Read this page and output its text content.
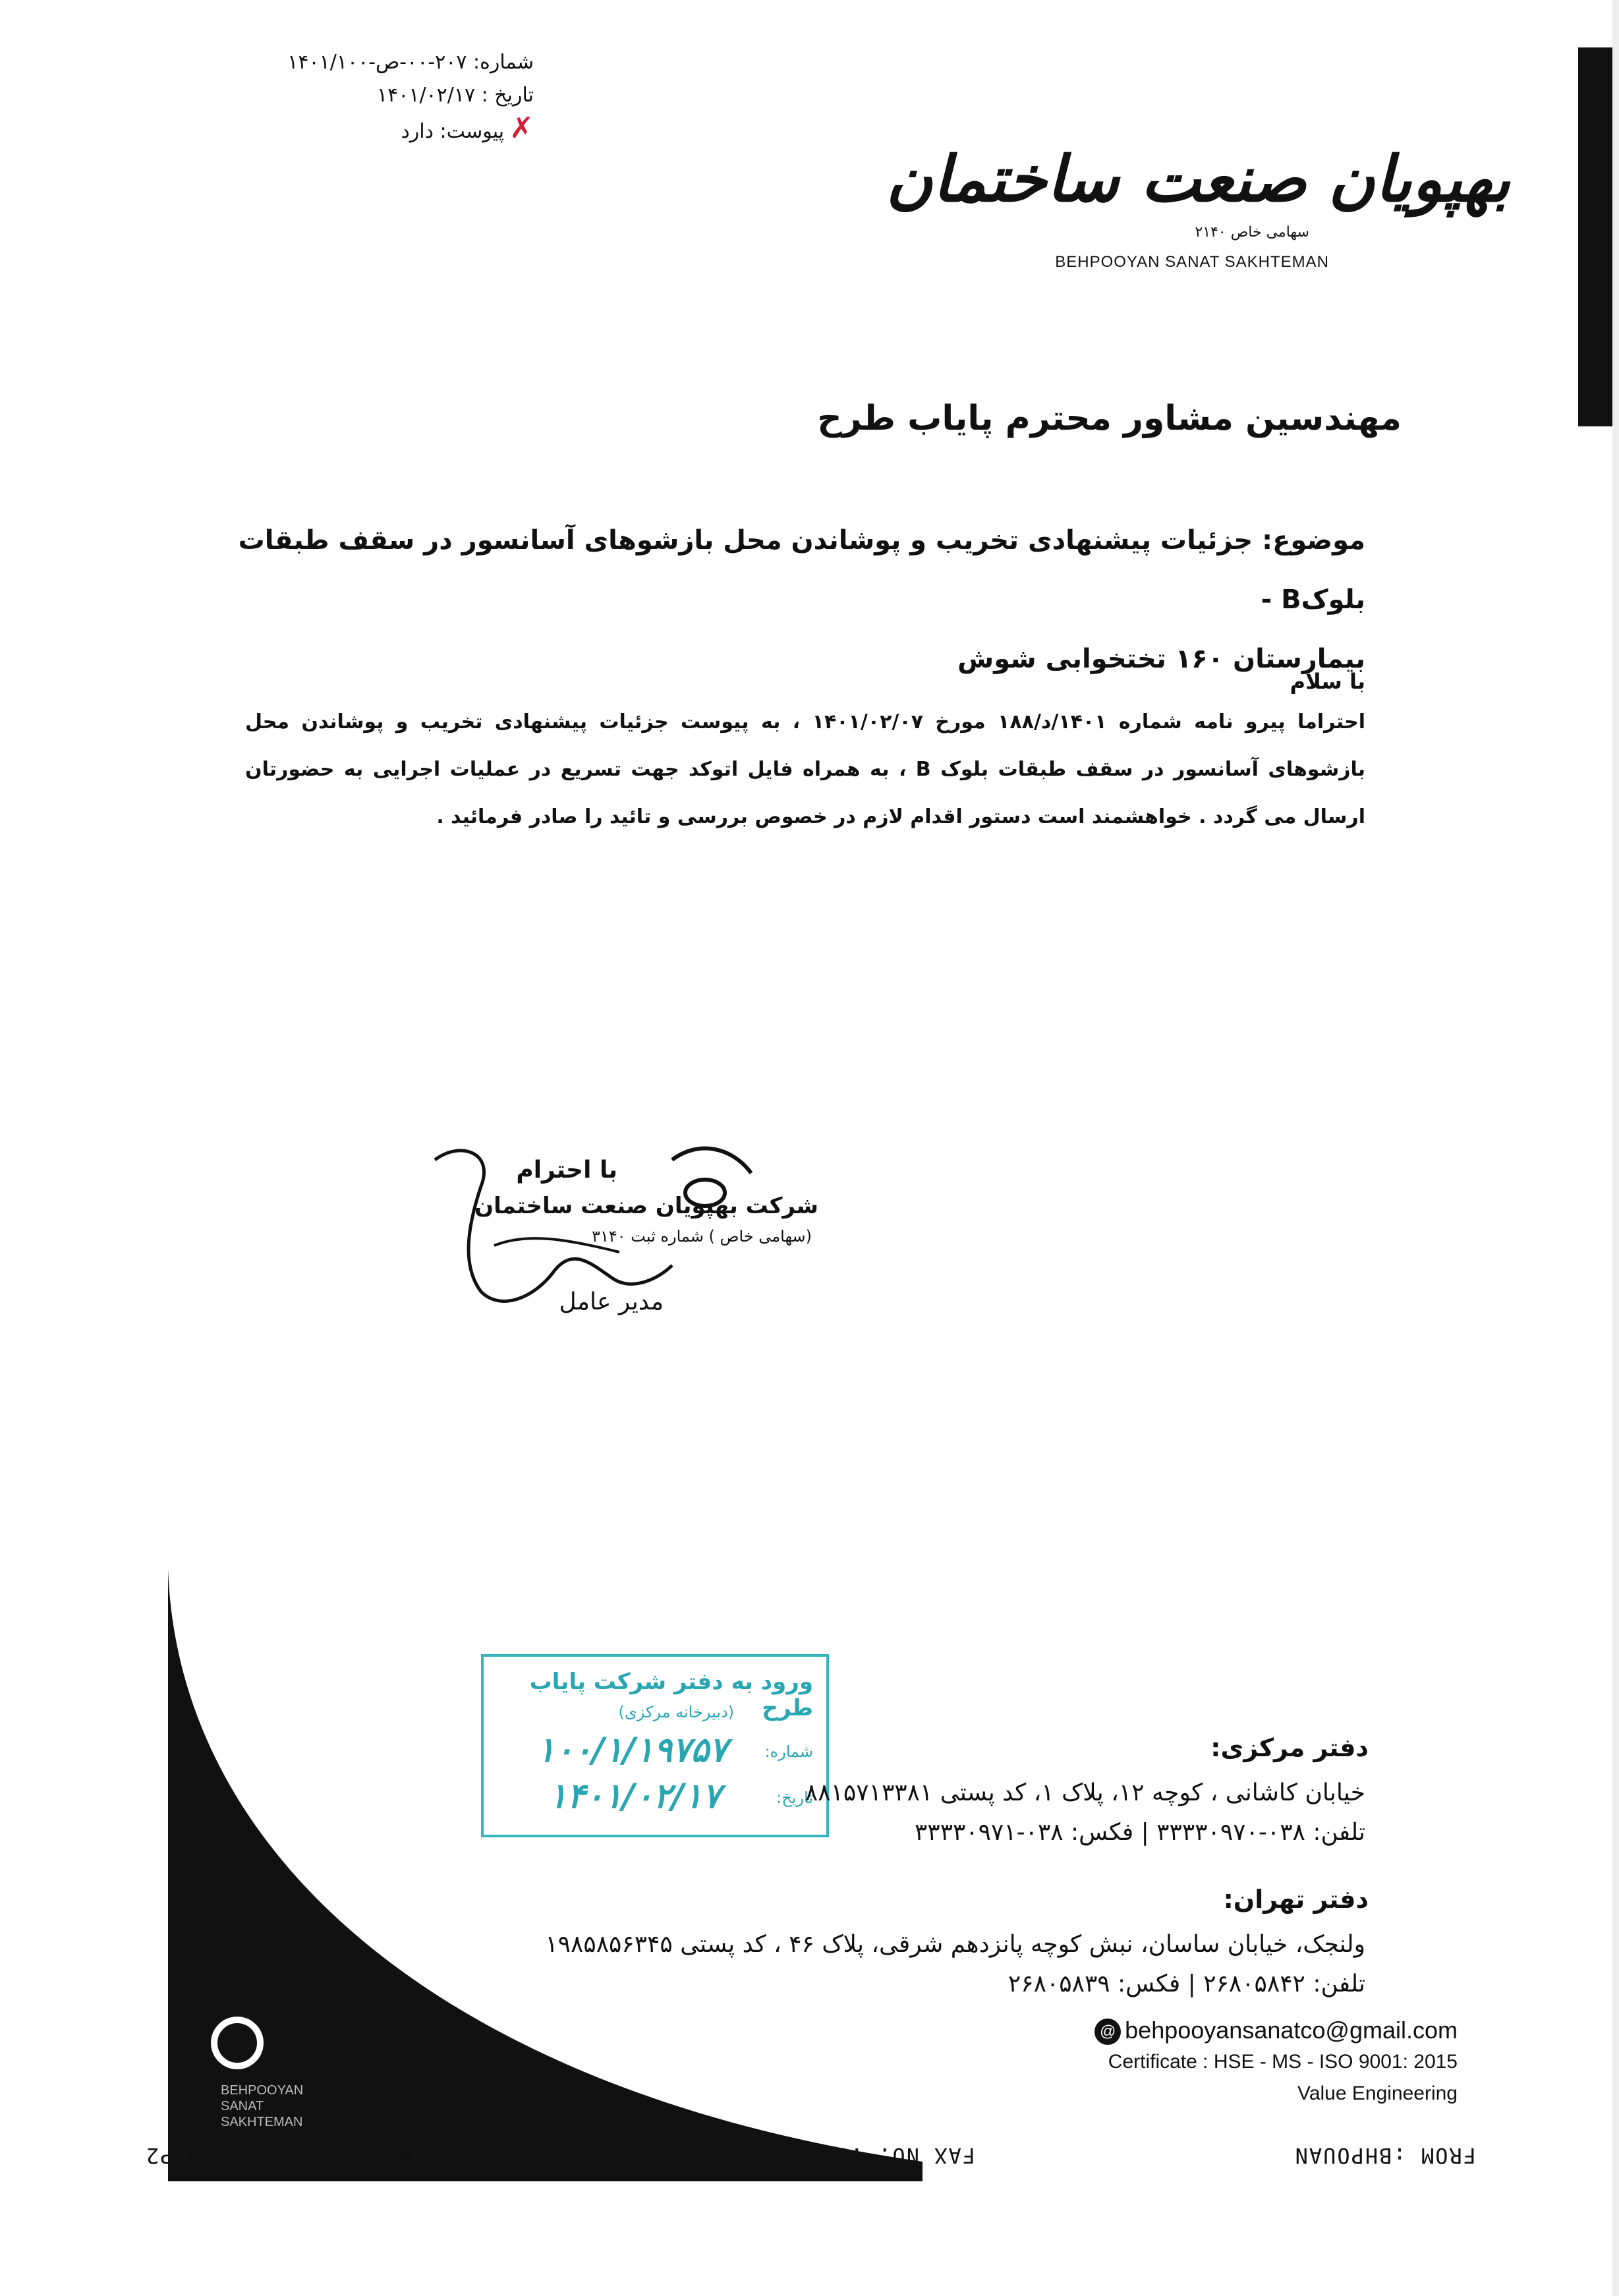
شماره: ۲۰۷-۰۰-ص-۱۴۰۱/۱۰۰
تاریخ : ۱۴۰۱/۰۲/۱۷
✗پیوست: دارد
بهپویان صنعت ساختمان
سهامی خاص ۲۱۴۰
BEHPOOYAN SANAT SAKHTEMAN
مهندسین مشاور محترم پایاب طرح
موضوع: جزئیات پیشنهادی تخریب و پوشاندن محل بازشوهای آسانسور در سقف طبقات بلوکB -
بیمارستان ۱۶۰ تختخوابی شوش
با سلام
احتراما پیرو نامه شماره ۱۴۰۱/د/۱۸۸ مورخ ۱۴۰۱/۰۲/۰۷ ، به پیوست جزئیات پیشنهادی تخریب و پوشاندن محل بازشوهای آسانسور در سقف طبقات بلوک B ، به همراه فایل اتوکد جهت تسریع در عملیات اجرایی به حضورتان ارسال می گردد . خواهشمند است دستور اقدام لازم در خصوص بررسی و تائید را صادر فرمائید .
با احترام
شرکت بهپویان صنعت ساختمان
(سهامی خاص ) شماره ثبت ۳۱۴۰
مدیر عامل
BEHPOOYAN
SANAT
SAKHTEMAN
ورود به دفتر شرکت پایاب طرح
(دبیرخانه مرکزی)
شماره:
۱۰۰/۱/۱۹۷۵۷
تاریخ:
۱۴۰۱/۰۲/۱۷
دفتر مرکزی:
خیابان کاشانی ، کوچه ۱۲، پلاک ۱، کد پستی ۸۸۱۵۷۱۳۳۸۱
تلفن: ۰۳۸-۳۳۳۳۰۹۷۰ | فکس: ۰۳۸-۳۳۳۳۰۹۷۱
دفتر تهران:
ولنجک، خیابان ساسان، نبش کوچه پانزدهم شرقی، پلاک ۴۶ ، کد پستی ۱۹۸۵۸۵۶۳۴۵
تلفن: ۲۶۸۰۵۸۴۲ | فکس: ۲۶۸۰۵۸۳۹
@ behpooyansanatco@gmail.com
Certificate : HSE - MS - ISO 9001: 2015
Value Engineering
FROM :BHPOUAN
FAX NO. :03833333970
6 May 2022 11:55PM P2
